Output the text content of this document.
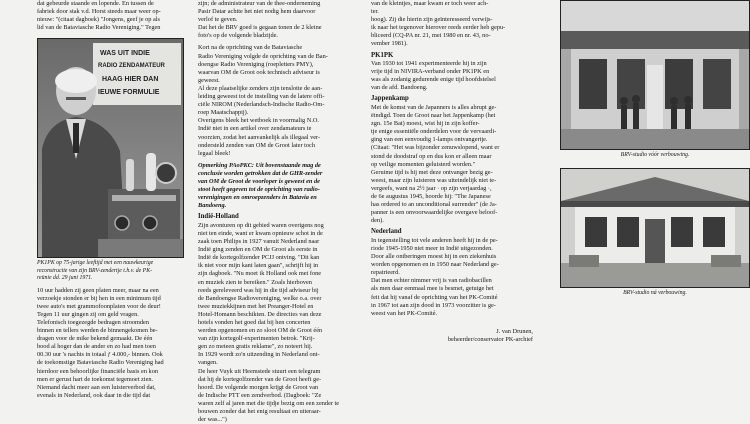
dat gebeurde staande en lopende. En tussen de

fabriek door stak v.d. Horst steeds maar weer op-

nieuw: "(citaat dagboek) "Jongens, geef je op als

lid van de Bataviasche Radio Vereniging." Tegen

WAS UIT INDIE
RADIO ZENDAMATEUR
HAAG HIER DAN
IEUWE FORMULIE

PK1PK op 75-jarige leeftijd met een nauwkeurige

reconstructie van zijn BRV-zendertje t.h.v. de PK-

reünie dd. 29 juni 1971.

10 uur hadden zij geen platen meer, maar na een

verzoekje stonden er bij hen in een minimum tijd

twee auto's met grammofoonplaten voor de deur!

Tegen 11 uur gingen zij om geld vragen.

Telefonisch toegezegde bedragen stroomden

binnen en tellers werden de binnengekomen be-

dragen voor de mike bekend gemaakt. De één

bood al hoger dan de ander en zo had men toen

00.30 uur 's nachts in totaal ƒ 4.000,- binnen. Ook

de toekomstige Bataviasche Radio Vereniging had

hierdoor een behoorlijke financiële basis en kon

men er gerust hart de toekomst tegemoet zien.

Niemand dacht meer aan een luisterverbod dat,

evenals in Nederland, ook daar in die tijd dat

zijn; de administrateur van de thee-onderneming

Pasir Datar achtte het niet nodig hem daarvoor

verlof te geven.

Dat het de BRV goed is gegaan tonen de 2 kleine

foto's op de volgende bladzijde.

Kort na de oprichting van de Bataviasche

Radio Vereniging volgde de oprichting van de Ban-

doengse Radio Vereniging (roepletters PMY),

waarvan OM de Groot ook technisch adviseur is

geweest.

Al deze plaatselijke zenders zijn tenslotte de aan-

leiding geweest tot de instelling van de latere offi-

ciële NIROM (Nederlandsch-Indische Radio-Om-

roep Maatschappij).

Overigens bleek het wetboek in voormalig N.O.

Indië niet in een artikel over zendamateurs te

voorzien, zodat het aanvankelijk als illegaal ver-

ondersteld zenden van OM de Groot later toch

legaal bleek!

Opmerking PAoPKC: Uit bovenstaande mag de

conclusie worden getrokken dat de GHR-zender

van OM de Groot de voorloper is geweest en de

stoot heeft gegeven tot de oprichting van radio-

verenigingen en omroepzenders in Batavia en

Bandoeng.

Indië-Holland

Zijn avonturen op dit gebied waren overigens nog

niet ten einde, want er kwam opnieuw schot in de

zaak toen Philips in 1927 vanuit Nederland naar

Indië ging zenden en OM de Groot als eerste in

Indië de kortegolfzender PCJJ ontving. "Dit kan

ik niet voor mijn kant laten gaan", schrijft hij in

zijn dagboek. "Nu moet ik Holland ook met fone

en muziek zien te bereiken." Zoals hierboven

reeds gereleveerd was hij in die tijd adviseur bij

de Bandoengse Radiovereniging, welke o.a. over

twee muziekkijnen met het Preanger-Hotel en

Hotel-Homann beschikten. De directies van deze

hotels vonden het goed dat bij hen concerten

werden opgenomen en zo sloot OM de Groot één

van zijn kortegolf-experimenten betrok. "Krij-

gen zo meteen gratis reklame", zo noteert hij.

In 1929 wordt zo'n uitzending in Nederland ont-

vangen.

De heer Vuyk uit Heemstede stuurt een telegram

dat hij de kortegolfzender van de Groot heeft ge-

hoord. De volgende morgen krijgt de Groot van

de Indische PTT een zendverbod. (Dagboek: "Ze

waren zelf al jaren met die tijdje bezig om een zender te

bouwen zonder dat het enig resultaat en uiteraar-

der was...")

van de kleintjes, maar kwam er toch weer ach-

ter.

hoog). Zij die hierin zijn geïnteresseerd verwijs-

ik naar het tegenover hierover reeds eerder heb gepu-

bliceerd (CQ-PA nr. 21, mei 1980 en nr. 43, no-

vember 1981).

PK1PK

Van 1930 tot 1941 experimenteerde hij in zijn

vrije tijd in NIVIRA-verband onder PK1PK en

was als zodanig gedurende enige tijd hoofdstelsel

van de afd. Bandoeng.

Jappenkamp

Met de komst van de Japanners is alles abrupt ge-

ëindigd. Toen de Groot naar het Jappenkamp (het

zgn. 15e Bat) moest, wist hij in zijn koffer-

tje enige essentiële onderdelen voor de vervaardi-

ging van een eenvoudig 1-lamps ontvangertje.

(Citaat: "Het was bijzonder zenuwslopend, want er

stond de doodstraf op en dus kon er alleen maar

op veilige momenten geluisterd worden."

Geruime tijd is hij met deze ontvanger bezig ge-

weest, maar zijn luisteren was uiteindelijk niet te-

vergeefs, want na 2½ jaar · op zijn verjaardag ·,

de 6e augustus 1945, hoorde hij: "The Japanese

has ordered to an unconditional surrender" (de Ja-

panner is een onvoorwaardelijke overgave beloof-

den).

Nederland

In tegenstelling tot vele anderen heeft hij in de pe-

riode 1945-1950 niet meer in Indië uitgezonden.

Door alle ontberingen moest hij in een ziekenhuis

worden opgenomen en in 1950 naar Nederland ge-

repatrieerd.

Dat men echter nimmer vrij is van radiobacillen

als men daar eenmaal mee is besmet, getuige het

feit dat hij vanaf de oprichting van het PK-Comité

in 1967 tot aan zijn dood in 1973 voorzitter is ge-

weest van het PK-Comité.

J. van Drunen,

beheerder/conservator PK-archief

BRV-studio vóór verbouwing.
BRV-studio ná verbouwing.
